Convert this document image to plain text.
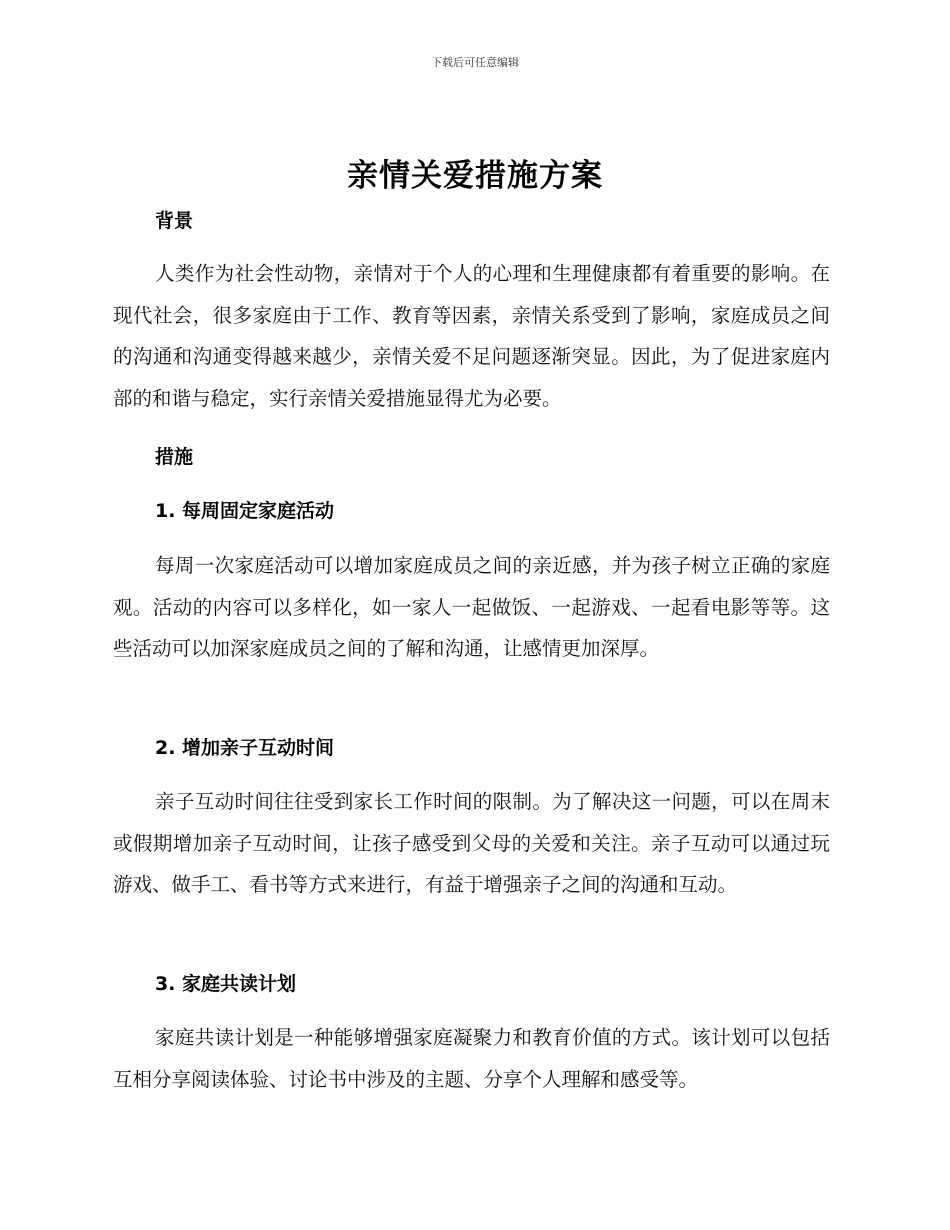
下载后可任意编辑
亲情关爱措施方案
背景

人类作为社会性动物，亲情对于个人的心理和生理健康都有着重要的影响。在现代社会，很多家庭由于工作、教育等因素，亲情关系受到了影响，家庭成员之间的沟通和沟通变得越来越少，亲情关爱不足问题逐渐突显。因此，为了促进家庭内部的和谐与稳定，实行亲情关爱措施显得尤为必要。

措施
1. 每周固定家庭活动

每周一次家庭活动可以增加家庭成员之间的亲近感，并为孩子树立正确的家庭观。活动的内容可以多样化，如一家人一起做饭、一起游戏、一起看电影等等。这些活动可以加深家庭成员之间的了解和沟通，让感情更加深厚。

2. 增加亲子互动时间

亲子互动时间往往受到家长工作时间的限制。为了解决这一问题，可以在周末或假期增加亲子互动时间，让孩子感受到父母的关爱和关注。亲子互动可以通过玩游戏、做手工、看书等方式来进行，有益于增强亲子之间的沟通和互动。

3. 家庭共读计划

家庭共读计划是一种能够增强家庭凝聚力和教育价值的方式。该计划可以包括互相分享阅读体验、讨论书中涉及的主题、分享个人理解和感受等。
